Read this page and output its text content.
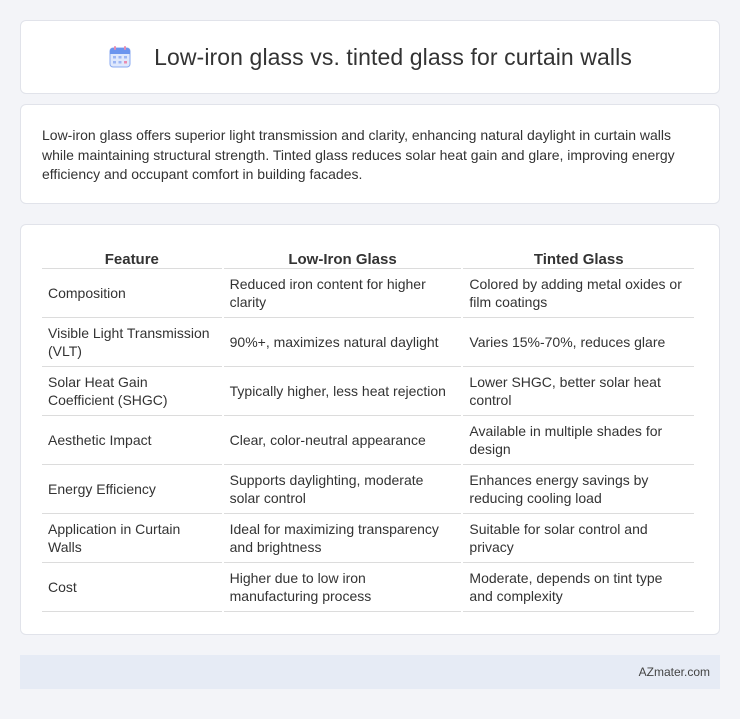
Low-iron glass vs. tinted glass for curtain walls

Low-iron glass offers superior light transmission and clarity, enhancing natural daylight in curtain walls while maintaining structural strength. Tinted glass reduces solar heat gain and glare, improving energy efficiency and occupant comfort in building facades.

Feature	Low-Iron Glass	Tinted Glass
Composition	Reduced iron content for higher clarity	Colored by adding metal oxides or film coatings
Visible Light Transmission (VLT)	90%+, maximizes natural daylight	Varies 15%-70%, reduces glare
Solar Heat Gain Coefficient (SHGC)	Typically higher, less heat rejection	Lower SHGC, better solar heat control
Aesthetic Impact	Clear, color-neutral appearance	Available in multiple shades for design
Energy Efficiency	Supports daylighting, moderate solar control	Enhances energy savings by reducing cooling load
Application in Curtain Walls	Ideal for maximizing transparency and brightness	Suitable for solar control and privacy
Cost	Higher due to low iron manufacturing process	Moderate, depends on tint type and complexity
AZmater.com
